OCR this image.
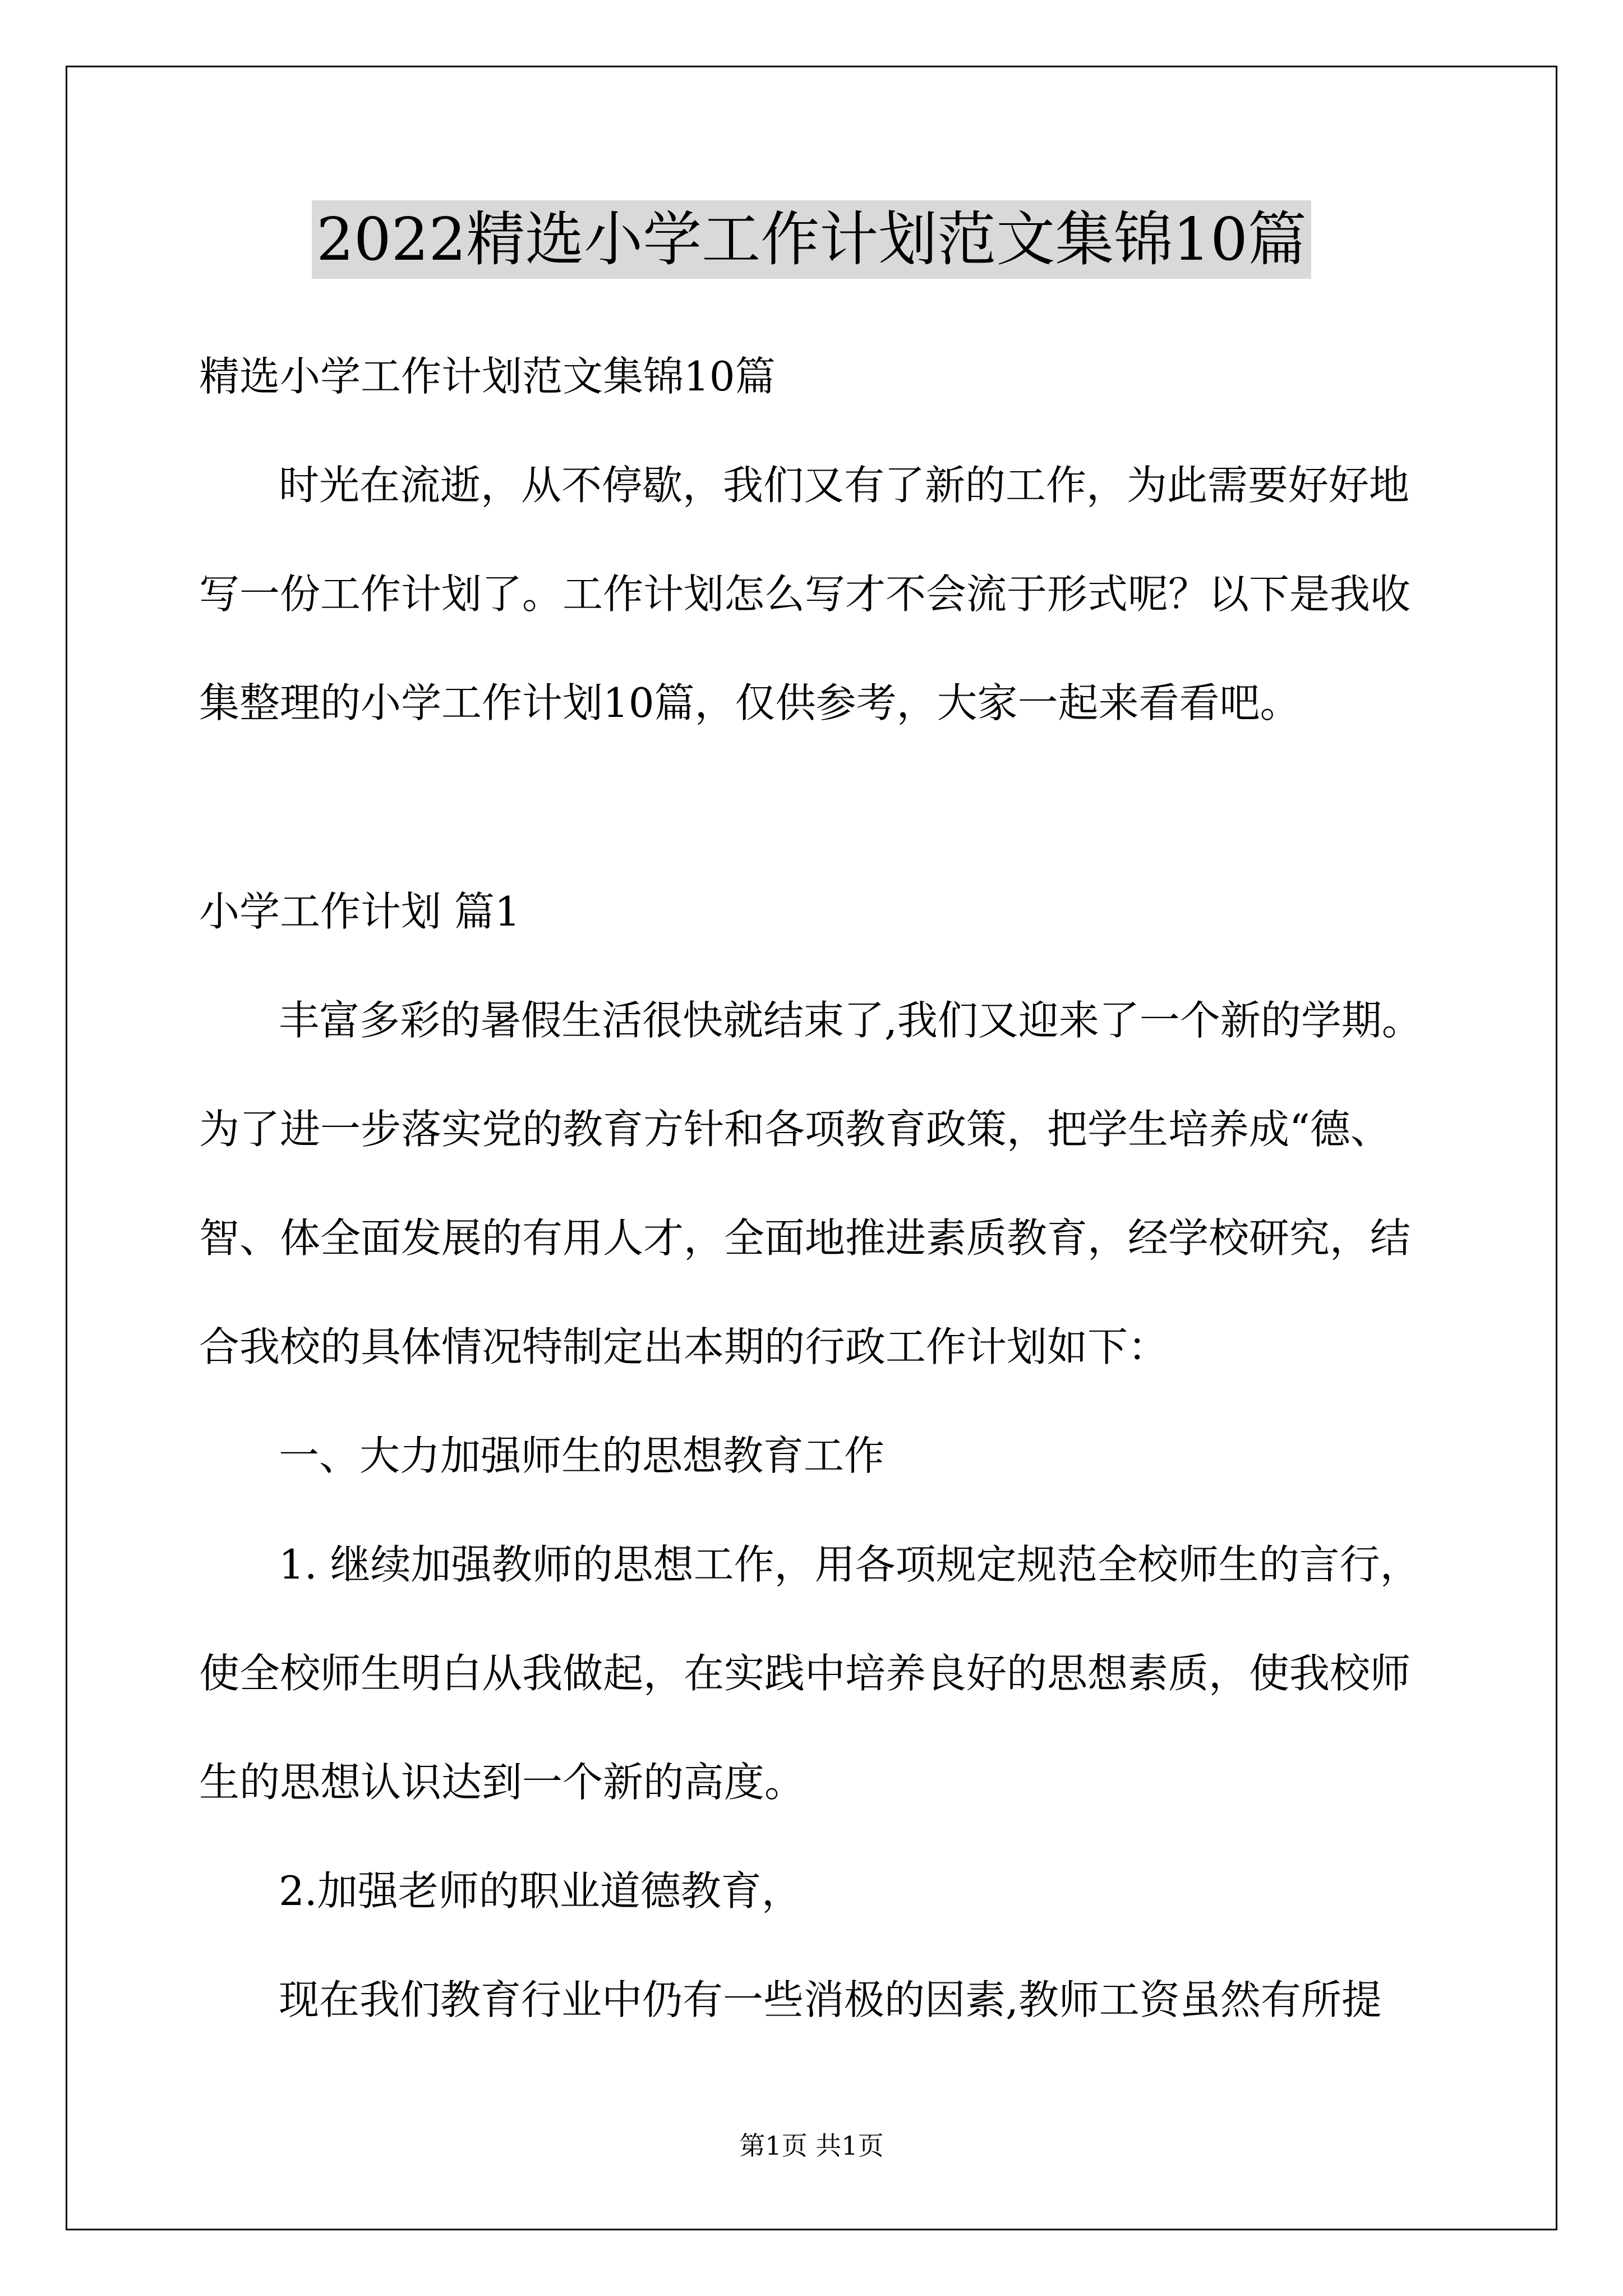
2022精选小学工作计划范文集锦10篇
精选小学工作计划范文集锦10篇
时光在流逝，从不停歇，我们又有了新的工作，为此需要好好地
写一份工作计划了。工作计划怎么写才不会流于形式呢？以下是我收
集整理的小学工作计划10篇，仅供参考，大家一起来看看吧。
小学工作计划 篇1
丰富多彩的暑假生活很快就结束了,我们又迎来了一个新的学期。
为了进一步落实党的教育方针和各项教育政策，把学生培养成“德、
智、体全面发展的有用人才，全面地推进素质教育，经学校研究，结
合我校的具体情况特制定出本期的行政工作计划如下：
一、大力加强师生的思想教育工作
1. 继续加强教师的思想工作，用各项规定规范全校师生的言行，
使全校师生明白从我做起，在实践中培养良好的思想素质，使我校师
生的思想认识达到一个新的高度。
2.加强老师的职业道德教育，
现在我们教育行业中仍有一些消极的因素,教师工资虽然有所提
第1页 共1页
